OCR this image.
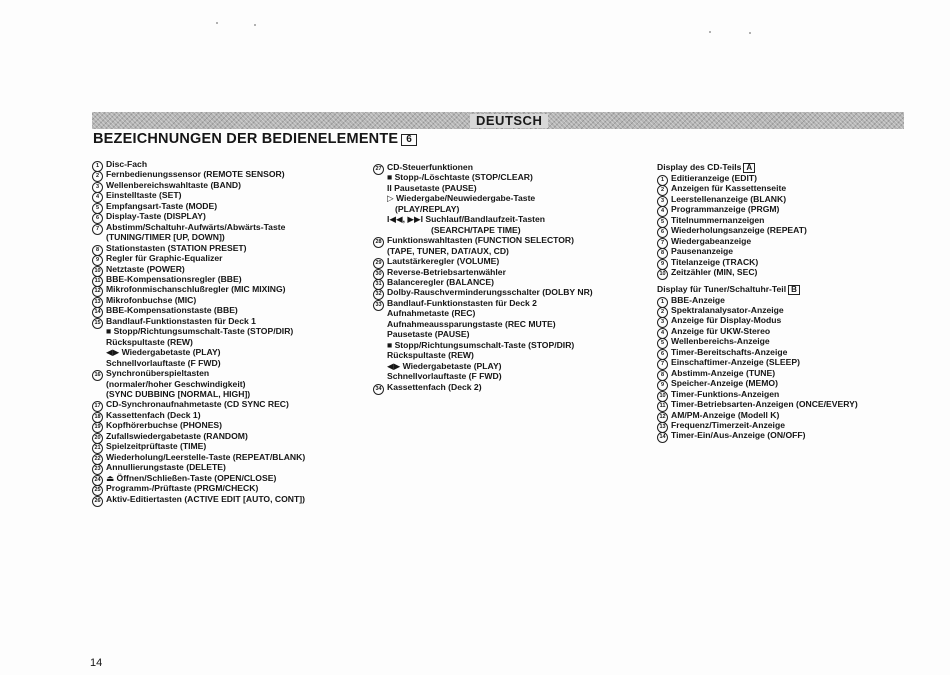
DEUTSCH
BEZEICHNUNGEN DER BEDIENELEMENTE 6
1 Disc-Fach
2 Fernbedienungssensor (REMOTE SENSOR)
3 Wellenbereichswahltaste (BAND)
4 Einstelltaste (SET)
5 Empfangsart-Taste (MODE)
6 Display-Taste (DISPLAY)
7 Abstimm/Schaltuhr-Aufwärts/Abwärts-Taste
(TUNING/TIMER [UP, DOWN])
8 Stationstasten (STATION PRESET)
9 Regler für Graphic-Equalizer
10 Netztaste (POWER)
11 BBE-Kompensationsregler (BBE)
12 Mikrofonmischanschlußregler (MIC MIXING)
13 Mikrofonbuchse (MIC)
14 BBE-Kompensationstaste (BBE)
15 Bandlauf-Funktionstasten für Deck 1
■ Stopp/Richtungsumschalt-Taste (STOP/DIR)
Rückspultaste (REW)
◀▶ Wiedergabetaste (PLAY)
Schnellvorlauftaste (F FWD)
16 Synchronüberspieltasten
(normaler/hoher Geschwindigkeit)
(SYNC DUBBING [NORMAL, HIGH])
17 CD-Synchronaufnahmetaste (CD SYNC REC)
18 Kassettenfach (Deck 1)
19 Kopfhörerbuchse (PHONES)
20 Zufallswiedergabetaste (RANDOM)
21 Spielzeitprüftaste (TIME)
22 Wiederholung/Leerstelle-Taste (REPEAT/BLANK)
23 Annullierungstaste (DELETE)
24 ⏏ Öffnen/Schließen-Taste (OPEN/CLOSE)
25 Programm-/Prüftaste (PRGM/CHECK)
26 Aktiv-Editiertasten (ACTIVE EDIT [AUTO, CONT])
27 CD-Steuerfunktionen
■ Stopp-/Löschtaste (STOP/CLEAR)
II Pausetaste (PAUSE)
▷ Wiedergabe/Neuwiedergabe-Taste
(PLAY/REPLAY)
I◀◀, ▶▶I Suchlauf/Bandlaufzeit-Tasten
(SEARCH/TAPE TIME)
28 Funktionswahltasten (FUNCTION SELECTOR)
(TAPE, TUNER, DAT/AUX, CD)
29 Lautstärkeregler (VOLUME)
30 Reverse-Betriebsartenwähler
31 Balanceregler (BALANCE)
32 Dolby-Rauschverminderungsschalter (DOLBY NR)
33 Bandlauf-Funktionstasten für Deck 2
Aufnahmetaste (REC)
Aufnahmeaussparungstaste (REC MUTE)
Pausetaste (PAUSE)
■ Stopp/Richtungsumschalt-Taste (STOP/DIR)
Rückspultaste (REW)
◀▶ Wiedergabetaste (PLAY)
Schnellvorlauftaste (F FWD)
34 Kassettenfach (Deck 2)
Display des CD-Teils A
1 Editieranzeige (EDIT)
2 Anzeigen für Kassettenseite
3 Leerstellenanzeige (BLANK)
4 Programmanzeige (PRGM)
5 Titelnummernanzeigen
6 Wiederholungsanzeige (REPEAT)
7 Wiedergabeanzeige
8 Pausenanzeige
9 Titelanzeige (TRACK)
10 Zeitzähler (MIN, SEC)
Display für Tuner/Schaltuhr-Teil B
1 BBE-Anzeige
2 Spektralanalysator-Anzeige
3 Anzeige für Display-Modus
4 Anzeige für UKW-Stereo
5 Wellenbereichs-Anzeige
6 Timer-Bereitschafts-Anzeige
7 Einschaftimer-Anzeige (SLEEP)
8 Abstimm-Anzeige (TUNE)
9 Speicher-Anzeige (MEMO)
10 Timer-Funktions-Anzeigen
11 Timer-Betriebsarten-Anzeigen (ONCE/EVERY)
12 AM/PM-Anzeige (Modell K)
13 Frequenz/Timerzeit-Anzeige
14 Timer-Ein/Aus-Anzeige (ON/OFF)
14
